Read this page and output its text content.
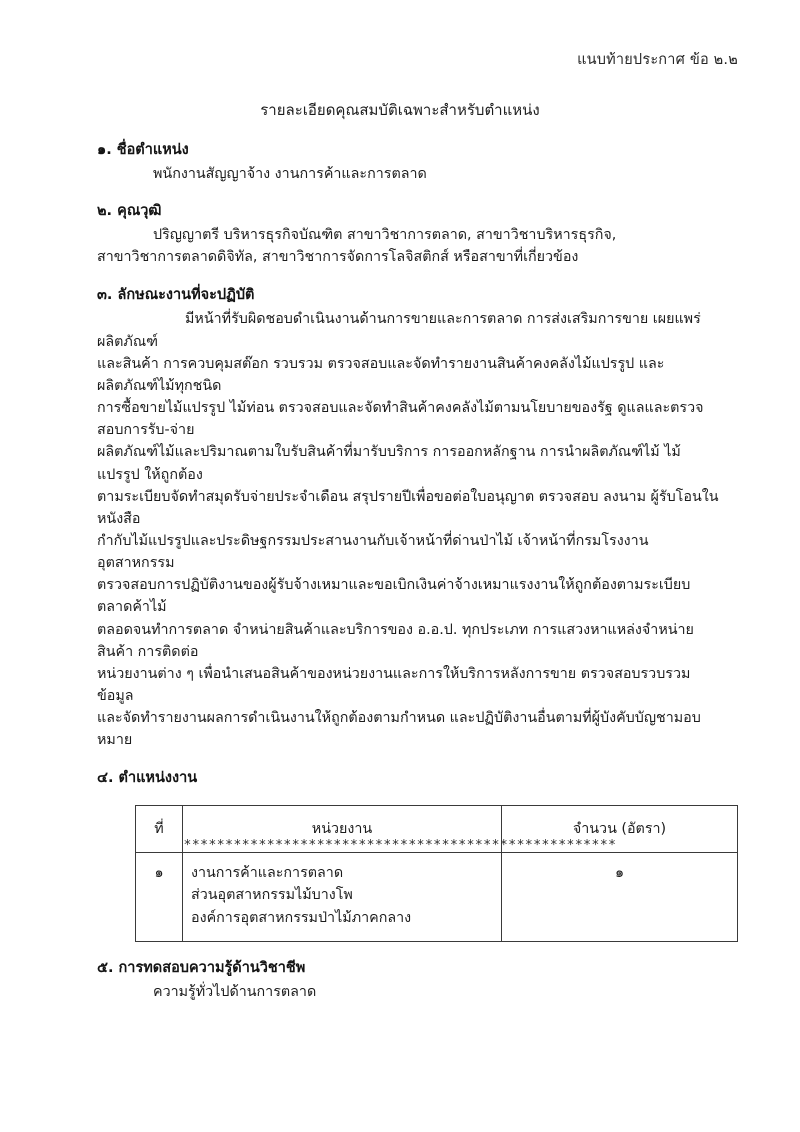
แนบท้ายประกาศ ข้อ ๒.๒
รายละเอียดคุณสมบัติเฉพาะสำหรับตำแหน่ง
๑. ชื่อตำแหน่ง
พนักงานสัญญาจ้าง งานการค้าและการตลาด
๒. คุณวุฒิ
ปริญญาตรี บริหารธุรกิจบัณฑิต สาขาวิชาการตลาด, สาขาวิชาบริหารธุรกิจ,
สาขาวิชาการตลาดดิจิทัล, สาขาวิชาการจัดการโลจิสติกส์ หรือสาขาที่เกี่ยวข้อง
๓. ลักษณะงานที่จะปฏิบัติ
มีหน้าที่รับผิดชอบดำเนินงานด้านการขายและการตลาด การส่งเสริมการขาย เผยแพร่ผลิตภัณฑ์
และสินค้า การควบคุมสต๊อก รวบรวม ตรวจสอบและจัดทำรายงานสินค้าคงคลังไม้แปรรูป และผลิตภัณฑ์ไม้ทุกชนิด
การซื้อขายไม้แปรรูป ไม้ท่อน ตรวจสอบและจัดทำสินค้าคงคลังไม้ตามนโยบายของรัฐ ดูแลและตรวจสอบการรับ-จ่าย
ผลิตภัณฑ์ไม้และปริมาณตามใบรับสินค้าที่มารับบริการ การออกหลักฐาน การนำผลิตภัณฑ์ไม้ ไม้แปรรูป ให้ถูกต้อง
ตามระเบียบจัดทำสมุดรับจ่ายประจำเดือน สรุปรายปีเพื่อขอต่อใบอนุญาต ตรวจสอบ ลงนาม ผู้รับโอนในหนังสือ
กำกับไม้แปรรูปและประดิษฐกรรมประสานงานกับเจ้าหน้าที่ด่านป่าไม้ เจ้าหน้าที่กรมโรงงานอุตสาหกรรม
ตรวจสอบการปฏิบัติงานของผู้รับจ้างเหมาและขอเบิกเงินค่าจ้างเหมาแรงงานให้ถูกต้องตามระเบียบ ตลาดค้าไม้
ตลอดจนทำการตลาด จำหน่ายสินค้าและบริการของ อ.อ.ป. ทุกประเภท การแสวงหาแหล่งจำหน่ายสินค้า การติดต่อ
หน่วยงานต่าง ๆ เพื่อนำเสนอสินค้าของหน่วยงานและการให้บริการหลังการขาย ตรวจสอบรวบรวมข้อมูล
และจัดทำรายงานผลการดำเนินงานให้ถูกต้องตามกำหนด และปฏิบัติงานอื่นตามที่ผู้บังคับบัญชามอบหมาย
๔. ตำแหน่งงาน
ที่	หน่วยงาน	จำนวน (อัตรา)
๑	งานการค้าและการตลาด
ส่วนอุตสาหกรรมไม้บางโพ
องค์การอุตสาหกรรมป่าไม้ภาคกลาง	๑
๕. การทดสอบความรู้ด้านวิชาชีพ
ความรู้ทั่วไปด้านการตลาด
****************************************************
